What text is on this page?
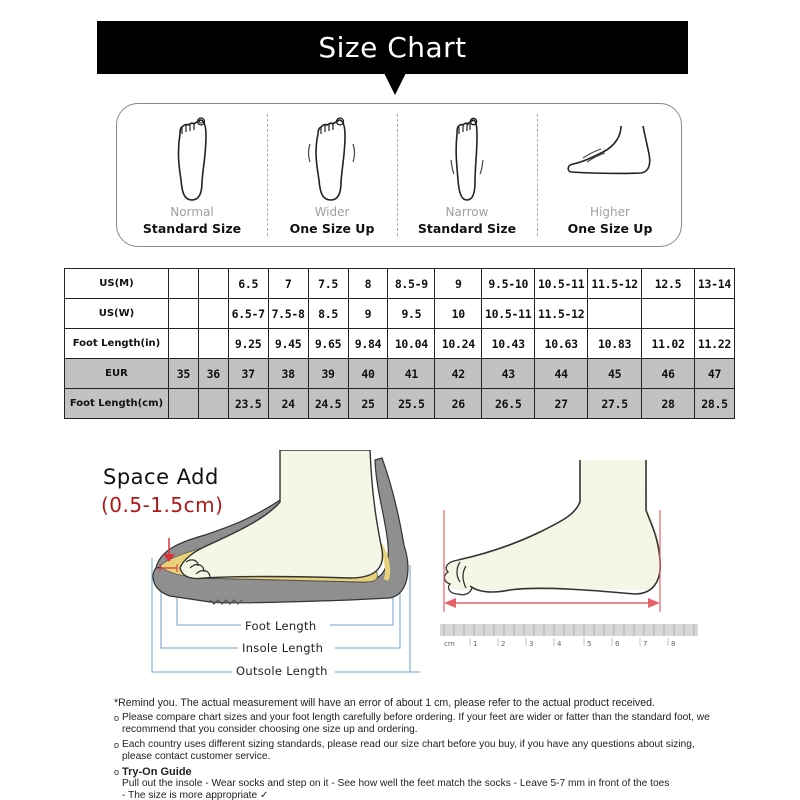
Size Chart
Normal
Standard Size
Wider
One Size Up
Narrow
Standard Size
Higher
One Size Up
US(M)			6.5	7	7.5	8	8.5-9	9	9.5-10	10.5-11	11.5-12	12.5	13-14
US(W)			6.5-7	7.5-8	8.5	9	9.5	10	10.5-11	11.5-12			
Foot Length(in)			9.25	9.45	9.65	9.84	10.04	10.24	10.43	10.63	10.83	11.02	11.22
EUR	35	36	37	38	39	40	41	42	43	44	45	46	47
Foot Length(cm)			23.5	24	24.5	25	25.5	26	26.5	27	27.5	28	28.5
Space Add
(0.5-1.5cm)
Foot Length
Insole Length
Outsole Length
cm	1	2	3	4	5	6	7	8
*Remind you. The actual measurement will have an error of about 1 cm, please refer to the actual product received.
o Please compare chart sizes and your foot length carefully before ordering. If your feet are wider or fatter than the standard foot, we recommend that you consider choosing one size up and ordering.
o Each country uses different sizing standards, please read our size chart before you buy, if you have any questions about sizing, please contact customer service.
o Try-On Guide
Pull out the insole - Wear socks and step on it - See how well the feet match the socks - Leave 5-7 mm in front of the toes
- The size is more appropriate ✓
